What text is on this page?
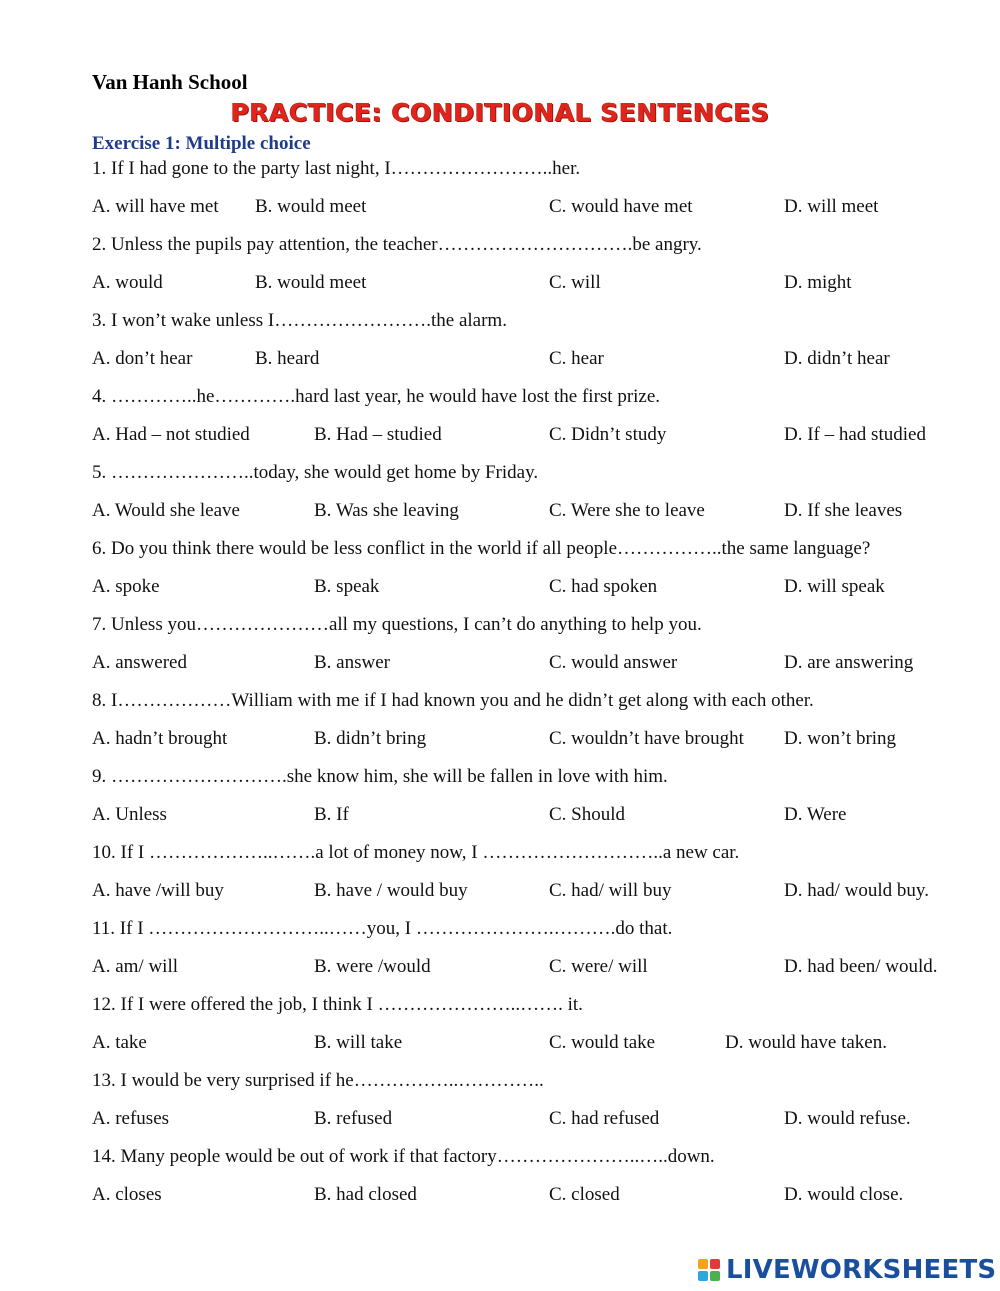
Van Hanh School
PRACTICE: CONDITIONAL SENTENCES
Exercise 1: Multiple choice
1. If I had gone to the party last night, I……………………..her.
A. will have met B. would meet	C. would have met	D. will meet
2. Unless the pupils pay attention, the teacher………………………….be angry.
A. would	B. would meet	C. will	D. might
3. I won’t wake unless I…………………….the alarm.
A. don’t hear	B. heard	C. hear	D. didn’t hear
4. …………..he………….hard last year, he would have lost the first prize.
A. Had – not studied	B. Had – studied	C. Didn’t study	D. If – had studied
5. …………………..today, she would get home by Friday.
A. Would she leave	B. Was she leaving	C. Were she to leave	D. If she leaves
6. Do you think there would be less conflict in the world if all people……………..the same language?
A. spoke	B. speak	C. had spoken	D. will speak
7. Unless you…………………all my questions, I can’t do anything to help you.
A. answered	B. answer	C. would answer	D. are answering
8. I………………William with me if I had known you and he didn’t get along with each other.
A. hadn’t brought	B. didn’t bring	C. wouldn’t have brought D. won’t bring
9. ……………………….she know him, she will be fallen in love with him.
A. Unless	B. If	C. Should	D. Were
10. If I ………………..…….a lot of money now, I ………………………..a new car.
A. have /will buy	B. have / would buy	C. had/ will buy	D. had/ would buy.
11. If I ………………………..……you, I ………………….……….do that.
A. am/ will	B. were /would	C. were/ will	D. had been/ would.
12. If I were offered the job, I think I …………………..……. it.
A. take	B. will take	C. would take	D. would have taken.
13. I would be very surprised if he……………..…………..
A. refuses	B. refused	C. had refused	D. would refuse.
14. Many people would be out of work if that factory…………………..…..down.
A. closes	B. had closed	C. closed	D. would close.
LIVEWORKSHEETS
